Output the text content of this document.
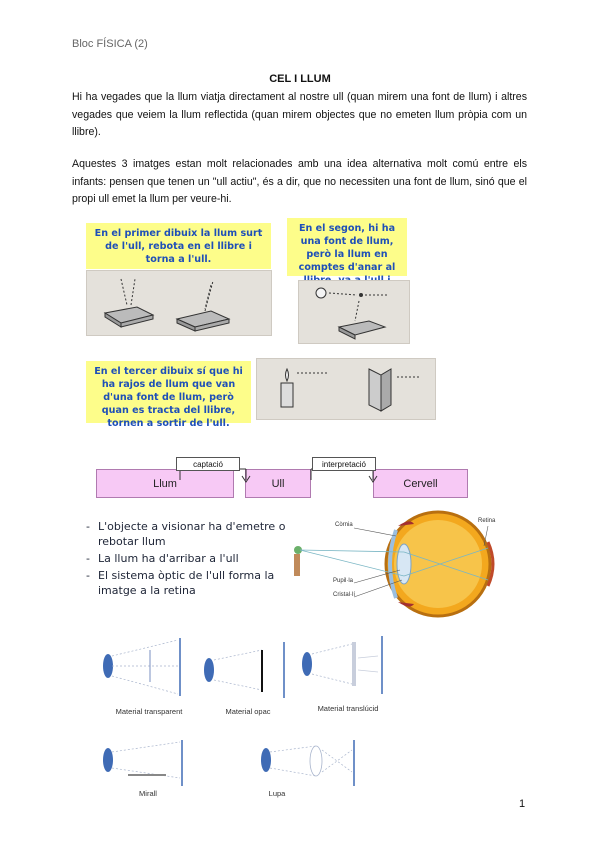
Bloc FÍSICA (2)
CEL I LLUM
Hi ha vegades que la llum viatja directament al nostre ull (quan mirem una font de llum) i altres vegades que veiem la llum reflectida (quan mirem objectes que no emeten llum pròpia com un llibre).
Aquestes 3 imatges estan molt relacionades amb una idea alternativa molt comú entre els infants: pensen que tenen un "ull actiu", és a dir, que no necessiten una font de llum, sinó que el propi ull emet la llum per veure-hi.
En el primer dibuix la llum surt de l'ull, rebota en el llibre i torna a l'ull.
En el segon, hi ha una font de llum, però la llum en comptes d'anar al
En el tercer dibuix sí que hi ha rajos de llum que van d'una font de llum, però quan es tracta del llibre, tornen a sortir de l'ull.
Llum	Ull	Cervell
captació	interpretació
- L'objecte a visionar ha d'emetre o rebotar llum
- La llum ha d'arribar a l'ull
- El sistema òptic de l'ull forma la imatge a la retina
Còrnia
Pupil·la
Cristal·lí
Retina
Material transparent	Material opac	Material translúcid
Mirall	Lupa
1
